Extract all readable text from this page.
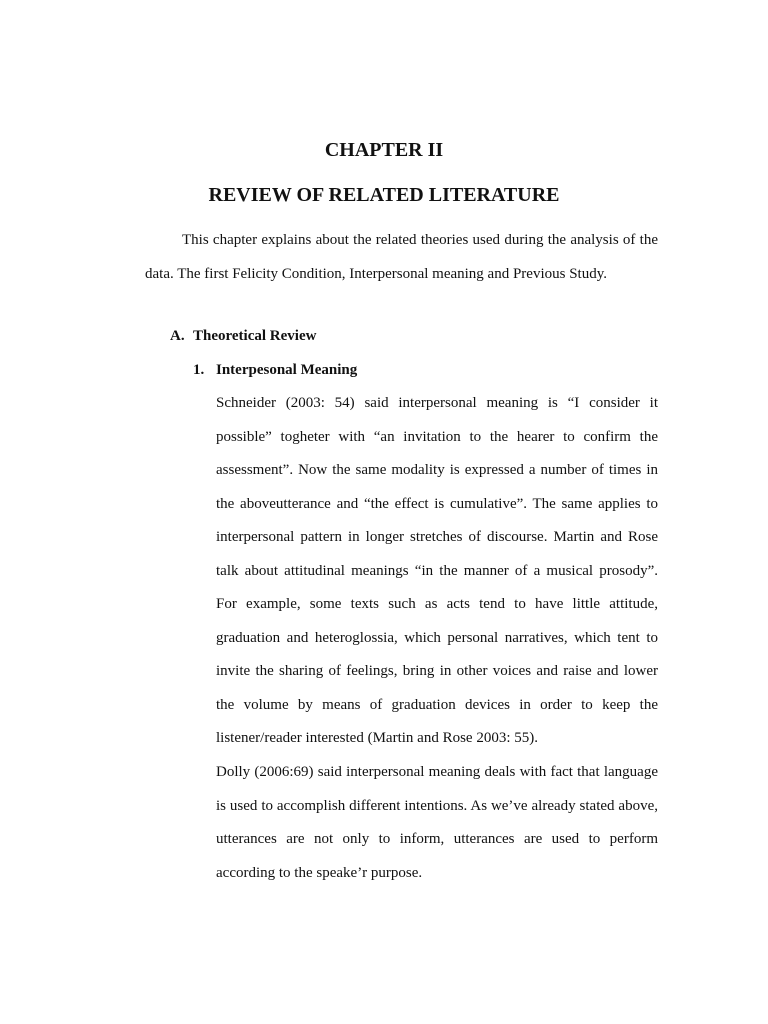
CHAPTER II
REVIEW OF RELATED LITERATURE

This chapter explains about the related theories used during the analysis of the data. The first Felicity Condition, Interpersonal meaning and Previous Study.

A. Theoretical Review
1. Interpesonal Meaning

Schneider (2003: 54) said interpersonal meaning is “I consider it possible” togheter with “an invitation to the hearer to confirm the assessment”. Now the same modality is expressed a number of times in the aboveutterance and “the effect is cumulative”. The same applies to interpersonal pattern in longer stretches of discourse. Martin and Rose talk about attitudinal meanings “in the manner of a musical prosody”. For example, some texts such as acts tend to have little attitude, graduation and heteroglossia, which personal narratives, which tent to invite the sharing of feelings, bring in other voices and raise and lower the volume by means of graduation devices in order to keep the listener/reader interested (Martin and Rose 2003: 55).

Dolly (2006:69) said interpersonal meaning deals with fact that language is used to accomplish different intentions. As we’ve already stated above, utterances are not only to inform, utterances are used to perform according to the speake’r purpose.
